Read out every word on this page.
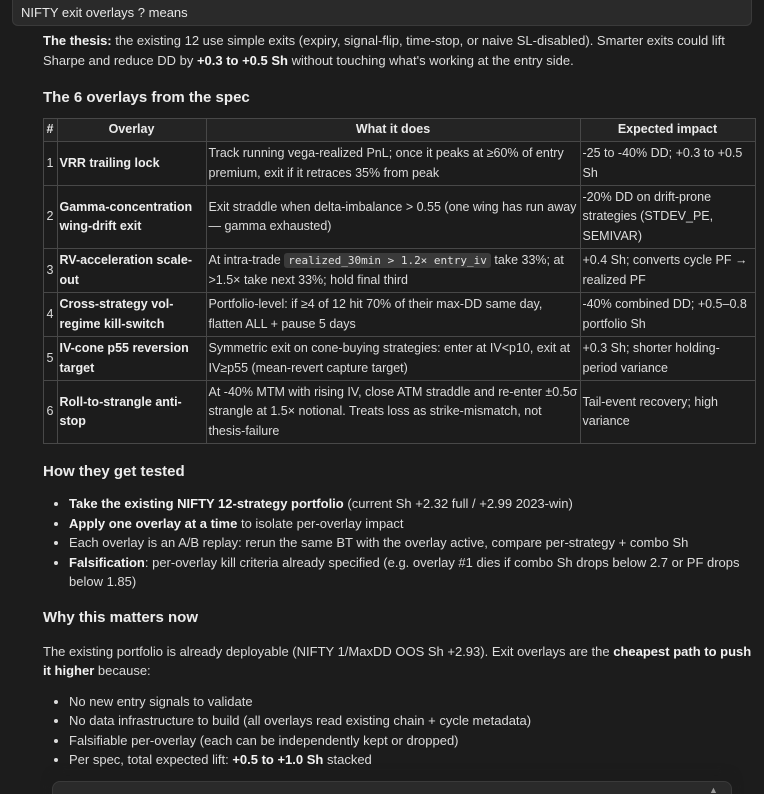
NIFTY exit overlays ? means

The thesis: the existing 12 use simple exits (expiry, signal-flip, time-stop, or naive SL-disabled). Smarter exits could lift Sharpe and reduce DD by +0.3 to +0.5 Sh without touching what's working at the entry side.

The 6 overlays from the spec
#	Overlay	What it does	Expected impact
1	VRR trailing lock	Track running vega-realized PnL; once it peaks at ≥60% of entry premium, exit if it retraces 35% from peak	-25 to -40% DD; +0.3 to +0.5 Sh
2	Gamma-concentration wing-drift exit	Exit straddle when delta-imbalance > 0.55 (one wing has run away — gamma exhausted)	-20% DD on drift-prone strategies (STDEV_PE, SEMIVAR)
3	RV-acceleration scale-out	At intra-trade realized_30min > 1.2× entry_iv take 33%; at >1.5× take next 33%; hold final third	+0.4 Sh; converts cycle PF → realized PF
4	Cross-strategy vol-regime kill-switch	Portfolio-level: if ≥4 of 12 hit 70% of their max-DD same day, flatten ALL + pause 5 days	-40% combined DD; +0.5–0.8 portfolio Sh
5	IV-cone p55 reversion target	Symmetric exit on cone-buying strategies: enter at IV<p10, exit at IV≥p55 (mean-revert capture target)	+0.3 Sh; shorter holding-period variance
6	Roll-to-strangle anti-stop	At -40% MTM with rising IV, close ATM straddle and re-enter ±0.5σ strangle at 1.5× notional. Treats loss as strike-mismatch, not thesis-failure	Tail-event recovery; high variance
How they get tested
• Take the existing NIFTY 12-strategy portfolio (current Sh +2.32 full / +2.99 2023-win)
• Apply one overlay at a time to isolate per-overlay impact
• Each overlay is an A/B replay: rerun the same BT with the overlay active, compare per-strategy + combo Sh
• Falsification: per-overlay kill criteria already specified (e.g. overlay #1 dies if combo Sh drops below 2.7 or PF drops below 1.85)
Why this matters now

The existing portfolio is already deployable (NIFTY 1/MaxDD OOS Sh +2.93). Exit overlays are the cheapest path to push it higher because:

• No new entry signals to validate
• No data infrastructure to build (all overlays read existing chain + cycle metadata)
• Falsifiable per-overlay (each can be independently kept or dropped)
• Per spec, total expected lift: +0.5 to +1.0 Sh stacked
▲
